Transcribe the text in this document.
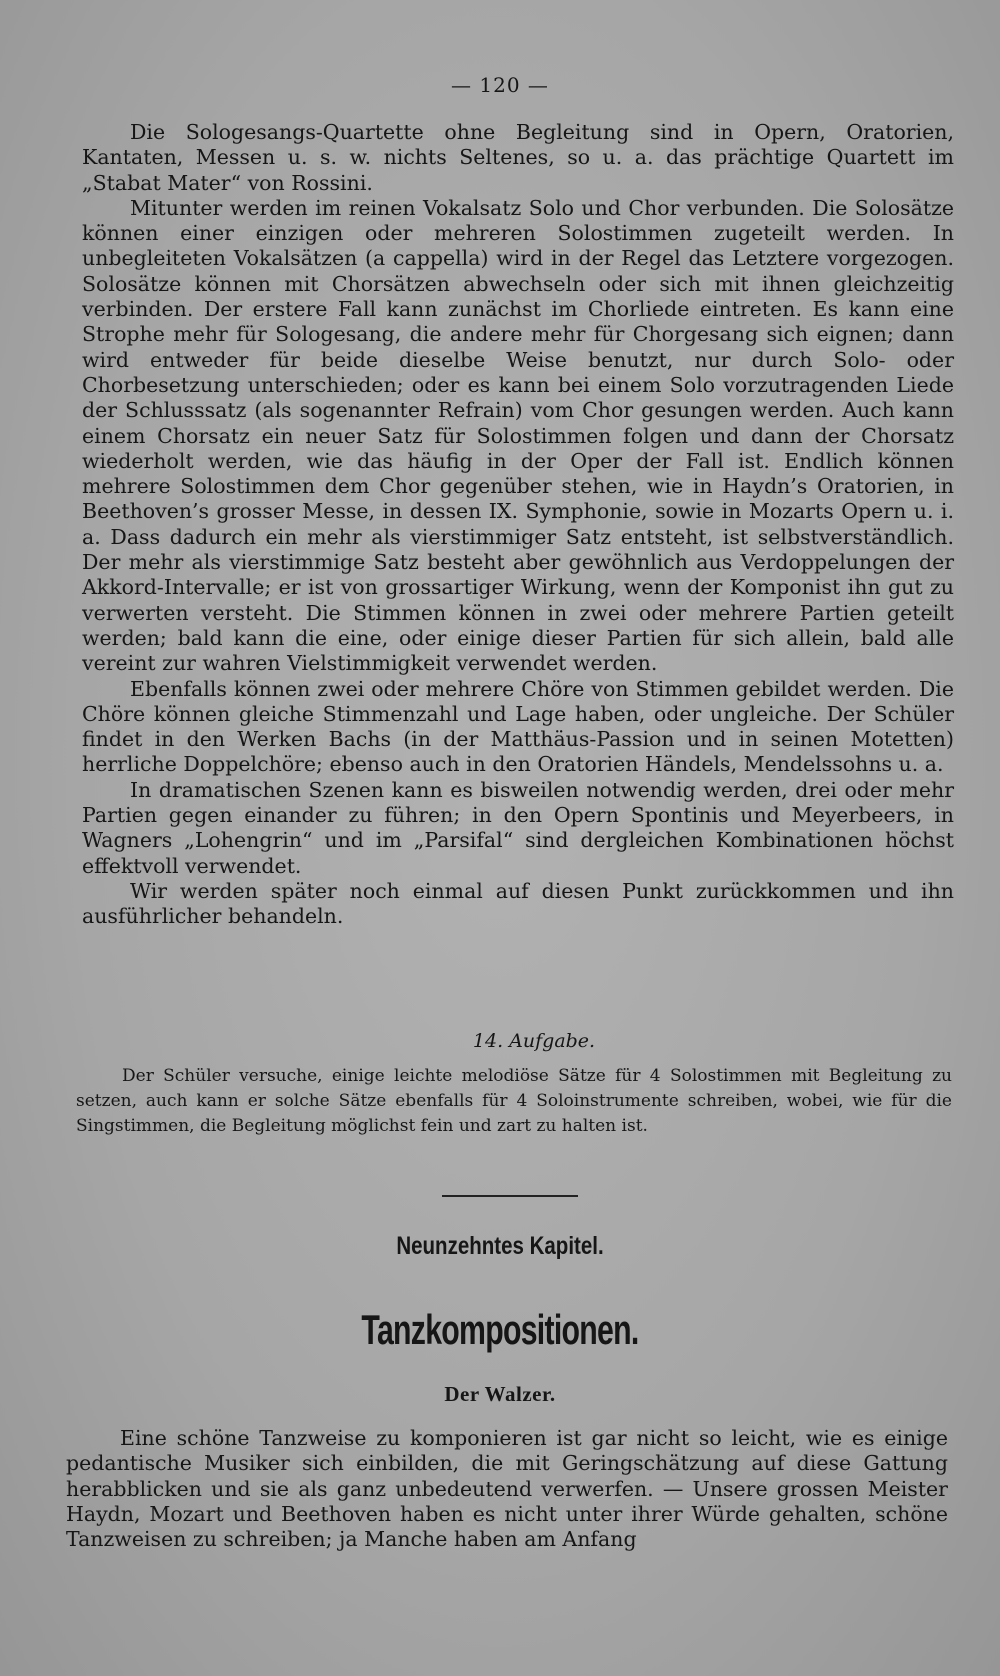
— 120 —

Die Sologesangs-Quartette ohne Begleitung sind in Opern, Oratorien, Kantaten, Messen u. s. w. nichts Seltenes, so u. a. das prächtige Quartett im „Stabat Mater“ von Rossini.

Mitunter werden im reinen Vokalsatz Solo und Chor verbunden. Die Solosätze können einer einzigen oder mehreren Solostimmen zugeteilt werden. In unbegleiteten Vokalsätzen (a cappella) wird in der Regel das Letztere vorgezogen. Solosätze können mit Chorsätzen abwechseln oder sich mit ihnen gleichzeitig verbinden. Der erstere Fall kann zunächst im Chorliede eintreten. Es kann eine Strophe mehr für Sologesang, die andere mehr für Chorgesang sich eignen; dann wird entweder für beide dieselbe Weise benutzt, nur durch Solo- oder Chorbesetzung unterschieden; oder es kann bei einem Solo vorzutragenden Liede der Schlusssatz (als sogenannter Refrain) vom Chor gesungen werden. Auch kann einem Chorsatz ein neuer Satz für Solostimmen folgen und dann der Chorsatz wiederholt werden, wie das häufig in der Oper der Fall ist. Endlich können mehrere Solostimmen dem Chor gegenüber stehen, wie in Haydn’s Oratorien, in Beethoven’s grosser Messe, in dessen IX. Symphonie, sowie in Mozarts Opern u. i. a. Dass dadurch ein mehr als vierstimmiger Satz entsteht, ist selbstverständlich. Der mehr als vierstimmige Satz besteht aber gewöhnlich aus Verdoppelungen der Akkord-Intervalle; er ist von grossartiger Wirkung, wenn der Komponist ihn gut zu verwerten versteht. Die Stimmen können in zwei oder mehrere Partien geteilt werden; bald kann die eine, oder einige dieser Partien für sich allein, bald alle vereint zur wahren Vielstimmigkeit verwendet werden.

Ebenfalls können zwei oder mehrere Chöre von Stimmen gebildet werden. Die Chöre können gleiche Stimmenzahl und Lage haben, oder ungleiche. Der Schüler findet in den Werken Bachs (in der Matthäus-Passion und in seinen Motetten) herrliche Doppelchöre; ebenso auch in den Oratorien Händels, Mendelssohns u. a.

In dramatischen Szenen kann es bisweilen notwendig werden, drei oder mehr Partien gegen einander zu führen; in den Opern Spontinis und Meyerbeers, in Wagners „Lohengrin“ und im „Parsifal“ sind dergleichen Kombinationen höchst effektvoll verwendet.

Wir werden später noch einmal auf diesen Punkt zurückkommen und ihn ausführlicher behandeln.

14. Aufgabe.

Der Schüler versuche, einige leichte melodiöse Sätze für 4 Solostimmen mit Begleitung zu setzen, auch kann er solche Sätze ebenfalls für 4 Soloinstrumente schreiben, wobei, wie für die Singstimmen, die Begleitung möglichst fein und zart zu halten ist.

Neunzehntes Kapitel.
Tanzkompositionen.
Der Walzer.

Eine schöne Tanzweise zu komponieren ist gar nicht so leicht, wie es einige pedantische Musiker sich einbilden, die mit Geringschätzung auf diese Gattung herabblicken und sie als ganz unbedeutend verwerfen. — Unsere grossen Meister Haydn, Mozart und Beethoven haben es nicht unter ihrer Würde gehalten, schöne Tanzweisen zu schreiben; ja Manche haben am Anfang
